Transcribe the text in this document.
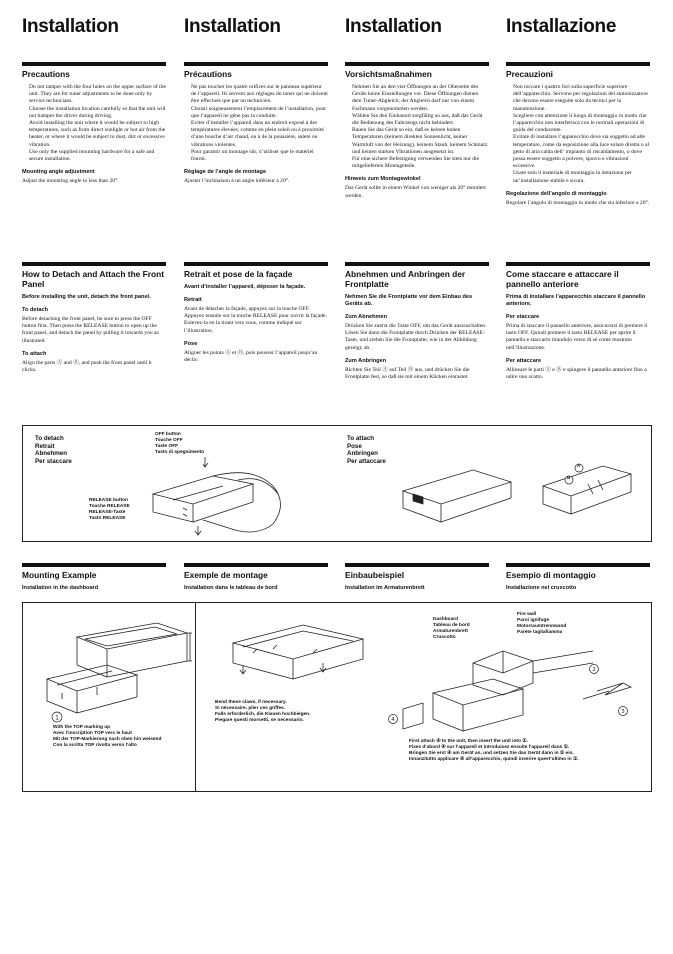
Installation	Installation	Installation	Installazione
Precautions

Do not tamper with the four holes on the upper surface of the unit. They are for tuner adjustments to be done only by service technicians.

Choose the installation location carefully so that the unit will not hamper the driver during driving.

Avoid installing the unit where it would be subject to high temperatures, such as from direct sunlight or hot air from the heater, or where it would be subject to dust, dirt or excessive vibration.

Use only the supplied mounting hardware for a safe and secure installation.

Mounting angle adjustment

Adjust the mounting angle to less than 20°.

Précautions

Ne pas toucher les quatre orifices sur le panneau supérieur de l’appareil. Ils servent aux réglages du tuner qui ne doivent être effectués que par un technicien.

Choisir soigneusement l’emplacement de l’installation, pour que l’appareil ne gêne pas la conduite.

Eviter d’installer l’appareil dans un endroit exposé à des températures élevées, comme en plein soleil ou à proximité d’une bouche d’air chaud, ou à de la poussière, saleté ou vibrations violentes.

Pour garantir un montage sûr, n’utiliser que le matériel fourni.

Réglage de l’angle de montage

Ajuster l’inclinaison à un angle inférieur à 20°.

Vorsichtsmaßnahmen

Nehmen Sie an den vier Öffnungen an der Oberseite des Geräts keine Einstellungen vor. Diese Öffnungen dienen dem Tuner-Abgleich; der Abgleich darf nur von einem Fachmann vorgenommen werden.

Wählen Sie den Einbauort sorgfältig so aus, daß das Gerät die Bedienung des Fahrzeugs nicht behindert.

Bauen Sie das Gerät so ein, daß es keinen hohen Temperaturen (keinem direkten Sonnenlicht, keiner Warmluft von der Heizung), keinem Staub, keinem Schmutz und keinen starken Vibrationen ausgesetzt ist.

Für eine sichere Befestigung verwenden Sie stets nur die mitgelieferten Montageteile.

Hinweis zum Montagewinkel

Das Gerät sollte in einem Winkel von weniger als 20° montiert werden.

Precauzioni

Non toccare i quattro fori sulla superficie superiore dell’apparecchio. Servono per regolazioni del sintonizzatore che devono essere eseguite solo da tecnici per la manutenzione.

Scegliere con attenzione il luogo di montaggio in modo che l’apparecchio non interferisca con le normali operazioni di guida del conducente.

Evitare di installare l’apparecchio dove sia soggetto ad alte temperature, come da esposizione alla luce solare diretta o al getto di aria calda dell’ impianto di riscaldamento, o dove possa essere soggetto a polvere, sporco e vibrazioni eccessive.

Usare solo il materiale di montaggio in dotazione per un’installazione stabile e sicura.

Regolazione dell’angolo di montaggio

Regolare l’angolo di montaggio in modo che sia inferiore a 20°.

How to Detach and Attach the Front Panel
Before installing the unit, detach the front panel.
To detach

Before detaching the front panel, be sure to press the OFF button first. Then press the RELEASE button to open up the front panel, and detach the panel by pulling it towards you as illustrated.

To attach

Align the parts Ⓐ and Ⓑ, and push the front panel until it clicks.

Retrait et pose de la façade
Avant d’installer l’appareil, déposer la façade.
Retrait

Avant de détacher la façade, appuyez sur la touche OFF. Appuyez ensuite sur la touche RELEASE pour ouvrir la façade. Enlevez-la en la tirant vers vous, comme indiqué sur l’illustration.

Pose

Aligner les points Ⓐ et Ⓑ, puis pousser l’appareil jusqu’au déclic.

Abnehmen und Anbringen der Frontplatte
Nehmen Sie die Frontplatte vor dem Einbau des Geräts ab.
Zum Abnehmen

Drücken Sie zuerst die Taste OFF, um das Gerät auszuschalten. Lösen Sie dann die Frontplatte durch Drücken der RELEASE-Taste, und ziehen Sie die Frontplatte, wie in der Abbildung gezeigt, ab.

Zum Anbringen

Richten Sie Teil Ⓐ auf Teil Ⓑ aus, und drücken Sie die Frontplatte fest, so daß sie mit einem Klicken einrastet.

Come staccare e attaccare il pannello anteriore
Prima di installare l’apparecchio staccare il pannello anteriore.
Per staccare

Prima di staccare il pannello anteriore, assicurarsi di premere il tasto OFF. Quindi premere il tasto RELEASE per aprire il pannello e staccarlo tirandolo verso di sé come mostrato nell’illustrazione.

Per attaccare

Allineare le parti Ⓐ e Ⓑ e spingere il pannello anteriore fino a udire uno scatto.

To detach
Retrait
Abnehmen
Per staccare
OFF button
Touche OFF
Taste OFF
Tasto di spegnimento
RELEASE button
Touche RELEASE
RELEASE-Taste
Tasto RELEASE
To attach
Pose
Anbringen
Per attaccare
A
B
Mounting Example
Installation in the dashboard
Exemple de montage
Installation dans le tableau de bord
Einbaubeispiel
Installation im Armaturenbrett
Esempio di montaggio
Installazione nel cruscotto
1
With the TOP marking up
Avec l’inscription TOP vers le haut
Mit der TOP-Markierung nach oben hin weisend
Con la scritta TOP rivolta verso l’alto
Bend these claws, if necessary.
Si nécessaire, plier ces griffes.
Falls erforderlich, die Klauen hochbiegen.
Piegare questi morsetti, se necessario.
Dashboard
Tableau de bord
Armaturenbrett
Cruscotto
Fire wall
Paroi ignifuge
Motorraumtrennwand
Parete tagliafiamma
2
3
4
First attach ④ to the unit, then insert the unit into ①.
Fixez d’abord ④ sur l’appareil et introduisez ensuite l’appareil dans ①.
Bringen Sie erst ④ am Gerät an, und setzen Sie das Gerät dann in ① ein.
Innanzitutto applicare ④ all’apparecchio, quindi inserire quest’ultimo in ①.
